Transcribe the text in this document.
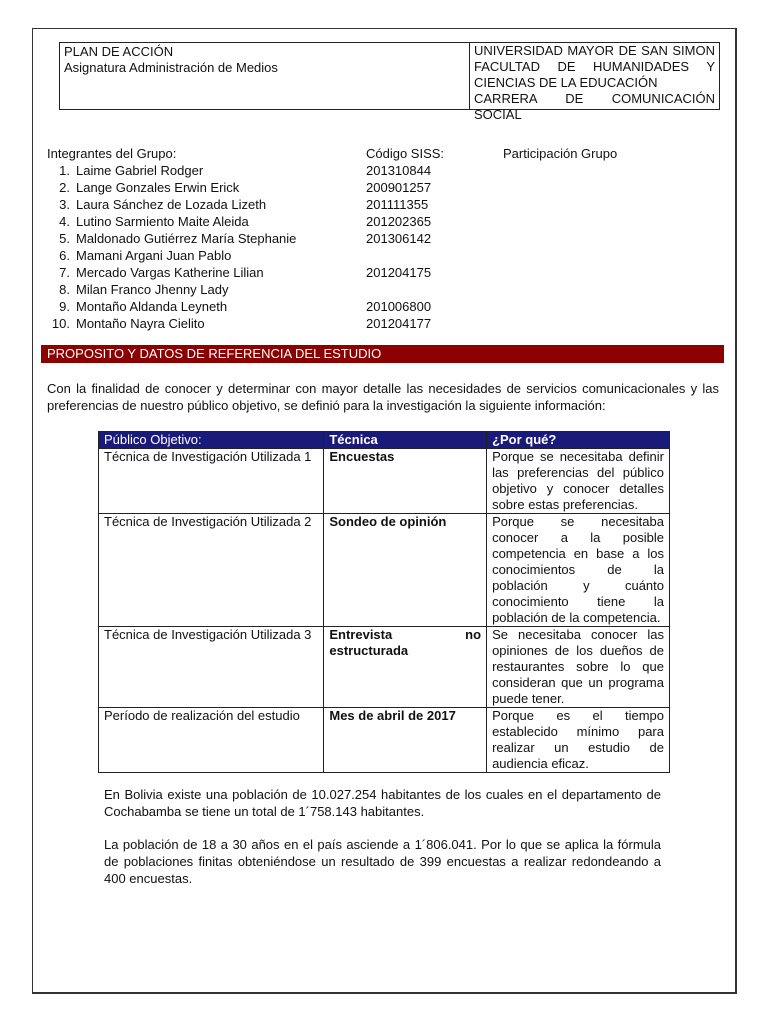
PLAN DE ACCIÓN
Asignatura Administración de Medios
UNIVERSIDAD MAYOR DE SAN SIMON
FACULTAD DE HUMANIDADES Y
CIENCIAS DE LA EDUCACIÓN
CARRERA DE COMUNICACIÓN SOCIAL
Integrantes del Grupo:	Código SISS:	Participación Grupo
1. Laime Gabriel Rodger	201310844
2. Lange Gonzales Erwin Erick	200901257
3. Laura Sánchez de Lozada Lizeth	201111355
4. Lutino Sarmiento Maite Aleida	201202365
5. Maldonado Gutiérrez María Stephanie	201306142
6. Mamani Argani Juan Pablo
7. Mercado Vargas Katherine Lilian	201204175
8. Milan Franco Jhenny Lady
9. Montaño Aldanda Leyneth	201006800
10. Montaño Nayra Cielito	201204177
PROPOSITO Y DATOS DE REFERENCIA DEL ESTUDIO
Con la finalidad de conocer y determinar con mayor detalle las necesidades de servicios comunicacionales y las preferencias de nuestro público objetivo, se definió para la investigación la siguiente información:
Público Objetivo:	Técnica	¿Por qué?
Técnica de Investigación Utilizada 1	Encuestas	Porque se necesitaba definir las preferencias del público objetivo y conocer detalles sobre estas preferencias.
Técnica de Investigación Utilizada 2	Sondeo de opinión	Porque se necesitaba conocer a la posible competencia en base a los conocimientos de la población y cuánto conocimiento tiene la población de la competencia.
Técnica de Investigación Utilizada 3	Entrevista no estructurada	Se necesitaba conocer las opiniones de los dueños de restaurantes sobre lo que consideran que un programa puede tener.
Período de realización del estudio	Mes de abril de 2017	Porque es el tiempo establecido mínimo para realizar un estudio de audiencia eficaz.
En Bolivia existe una población de 10.027.254 habitantes de los cuales en el departamento de Cochabamba se tiene un total de 1´758.143 habitantes.
La población de 18 a 30 años en el país asciende a 1´806.041. Por lo que se aplica la fórmula de poblaciones finitas obteniéndose un resultado de 399 encuestas a realizar redondeando a 400 encuestas.
